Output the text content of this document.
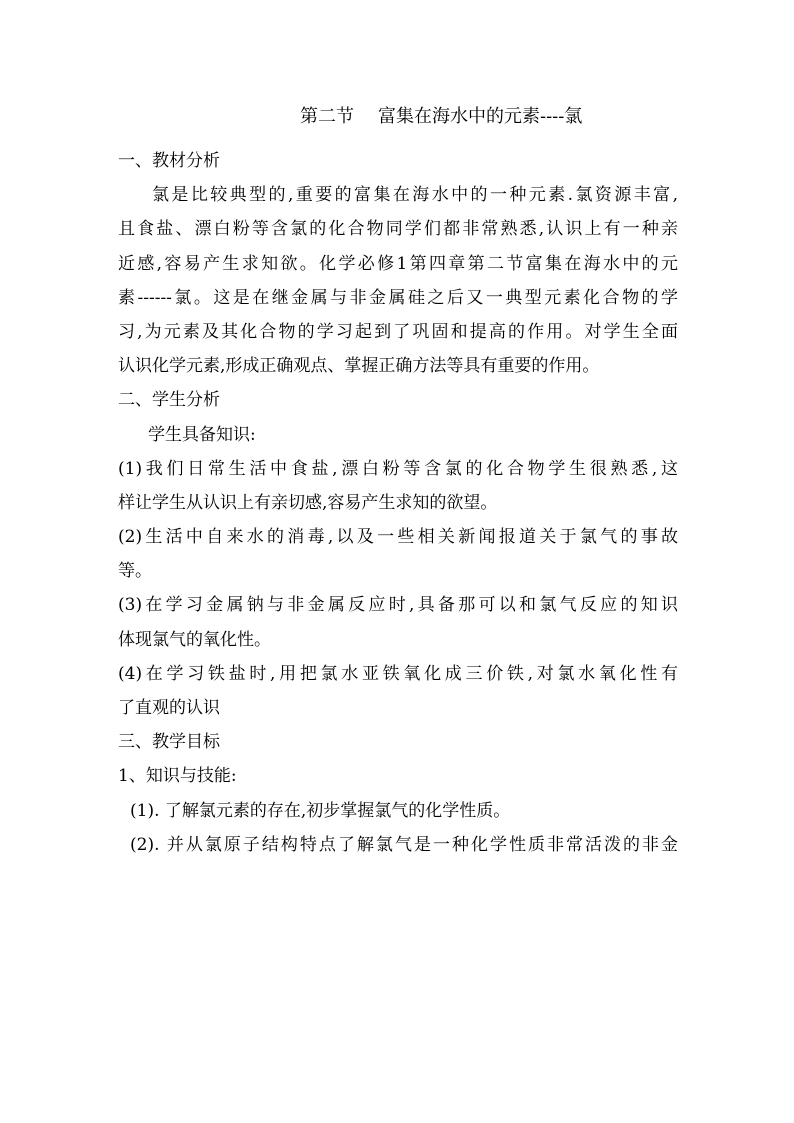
第二节 富集在海水中的元素----氯
一、教材分析
氯是比较典型的,重要的富集在海水中的一种元素.氯资源丰富,
且食盐、漂白粉等含氯的化合物同学们都非常熟悉,认识上有一种亲
近感,容易产生求知欲。化学必修1第四章第二节富集在海水中的元
素------氯。这是在继金属与非金属硅之后又一典型元素化合物的学
习,为元素及其化合物的学习起到了巩固和提高的作用。对学生全面
认识化学元素,形成正确观点、掌握正确方法等具有重要的作用。
二、学生分析
学生具备知识:
(1)我们日常生活中食盐,漂白粉等含氯的化合物学生很熟悉,这
样让学生从认识上有亲切感,容易产生求知的欲望。
(2)生活中自来水的消毒,以及一些相关新闻报道关于氯气的事故
等。
(3)在学习金属钠与非金属反应时,具备那可以和氯气反应的知识
体现氯气的氧化性。
(4)在学习铁盐时,用把氯水亚铁氧化成三价铁,对氯水氧化性有
了直观的认识
三、教学目标
1、知识与技能:
(1). 了解氯元素的存在,初步掌握氯气的化学性质。
(2). 并从氯原子结构特点了解氯气是一种化学性质非常活泼的非金
